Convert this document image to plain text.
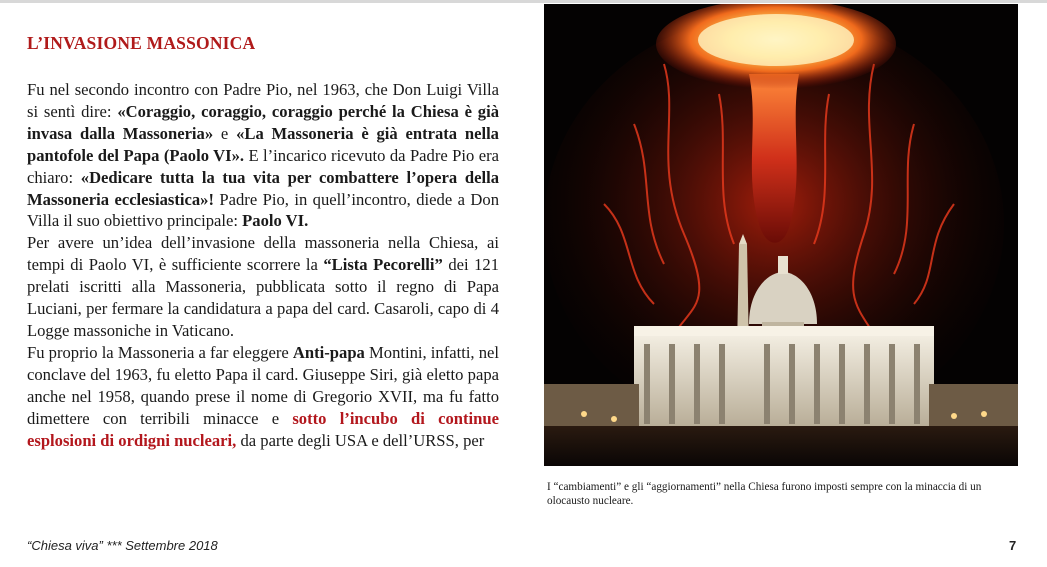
L’INVASIONE MASSONICA

Fu nel secondo incontro con Padre Pio, nel 1963, che Don Luigi Villa si sentì dire: «Coraggio, coraggio, coraggio perché la Chiesa è già invasa dalla Massoneria» e «La Massoneria è già entrata nella pantofole del Papa (Paolo VI». E l’incarico ricevuto da Padre Pio era chiaro: «Dedicare tutta la tua vita per combattere l’opera della Massoneria ecclesiastica»! Padre Pio, in quell’incontro, diede a Don Villa il suo obiettivo principale: Paolo VI.

Per avere un’idea dell’invasione della massoneria nella Chiesa, ai tempi di Paolo VI, è sufficiente scorrere la “Lista Pecorelli” dei 121 prelati iscritti alla Massoneria, pubblicata sotto il regno di Papa Luciani, per fermare la candidatura a papa del card. Casaroli, capo di 4 Logge massoniche in Vaticano.

Fu proprio la Massoneria a far eleggere Anti-papa Montini, infatti, nel conclave del 1963, fu eletto Papa il card. Giuseppe Siri, già eletto papa anche nel 1958, quando prese il nome di Gregorio XVII, ma fu fatto dimettere con terribili minacce e sotto l’incubo di continue esplosioni di ordigni nucleari, da parte degli USA e dell’URSS, per

I “cambiamenti” e gli “aggiornamenti” nella Chiesa furono imposti sempre con la minaccia di un olocausto nucleare.
“Chiesa viva” *** Settembre 2018	7
